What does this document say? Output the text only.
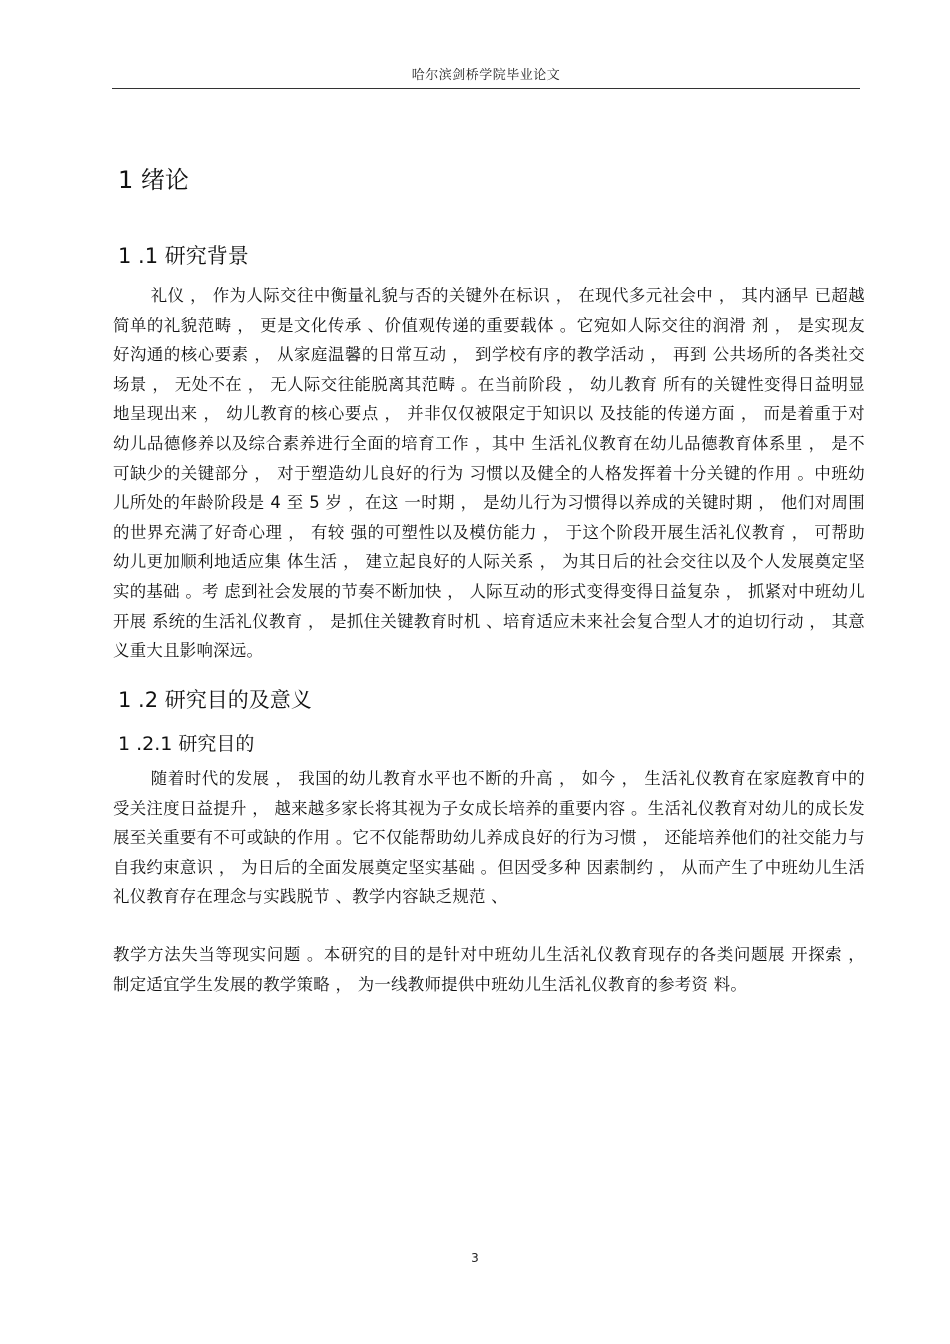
哈尔滨剑桥学院毕业论文
1 绪论
1 .1 研究背景

礼仪 ， 作为人际交往中衡量礼貌与否的关键外在标识 ， 在现代多元社会中 ， 其内涵早 已超越简单的礼貌范畴 ， 更是文化传承 、价值观传递的重要载体 。它宛如人际交往的润滑 剂 ， 是实现友好沟通的核心要素 ， 从家庭温馨的日常互动 ， 到学校有序的教学活动 ， 再到 公共场所的各类社交场景 ， 无处不在 ， 无人际交往能脱离其范畴 。在当前阶段 ， 幼儿教育 所有的关键性变得日益明显地呈现出来 ， 幼儿教育的核心要点 ， 并非仅仅被限定于知识以 及技能的传递方面 ， 而是着重于对幼儿品德修养以及综合素养进行全面的培育工作 ，其中 生活礼仪教育在幼儿品德教育体系里 ， 是不可缺少的关键部分 ， 对于塑造幼儿良好的行为 习惯以及健全的人格发挥着十分关键的作用 。中班幼儿所处的年龄阶段是 4 至 5 岁 ，在这 一时期 ， 是幼儿行为习惯得以养成的关键时期 ， 他们对周围的世界充满了好奇心理 ， 有较 强的可塑性以及模仿能力 ， 于这个阶段开展生活礼仪教育 ， 可帮助幼儿更加顺利地适应集 体生活 ， 建立起良好的人际关系 ， 为其日后的社会交往以及个人发展奠定坚实的基础 。考 虑到社会发展的节奏不断加快 ， 人际互动的形式变得变得日益复杂 ， 抓紧对中班幼儿开展 系统的生活礼仪教育 ， 是抓住关键教育时机 、培育适应未来社会复合型人才的迫切行动 ， 其意义重大且影响深远。

1 .2 研究目的及意义
1 .2.1 研究目的

随着时代的发展 ， 我国的幼儿教育水平也不断的升高 ， 如今 ， 生活礼仪教育在家庭教育中的受关注度日益提升 ， 越来越多家长将其视为子女成长培养的重要内容 。生活礼仪教育对幼儿的成长发展至关重要有不可或缺的作用 。它不仅能帮助幼儿养成良好的行为习惯 ， 还能培养他们的社交能力与自我约束意识 ， 为日后的全面发展奠定坚实基础 。但因受多种 因素制约 ， 从而产生了中班幼儿生活礼仪教育存在理念与实践脱节 、教学内容缺乏规范 、

教学方法失当等现实问题 。本研究的目的是针对中班幼儿生活礼仪教育现存的各类问题展 开探索 ， 制定适宜学生发展的教学策略 ， 为一线教师提供中班幼儿生活礼仪教育的参考资 料。

3
